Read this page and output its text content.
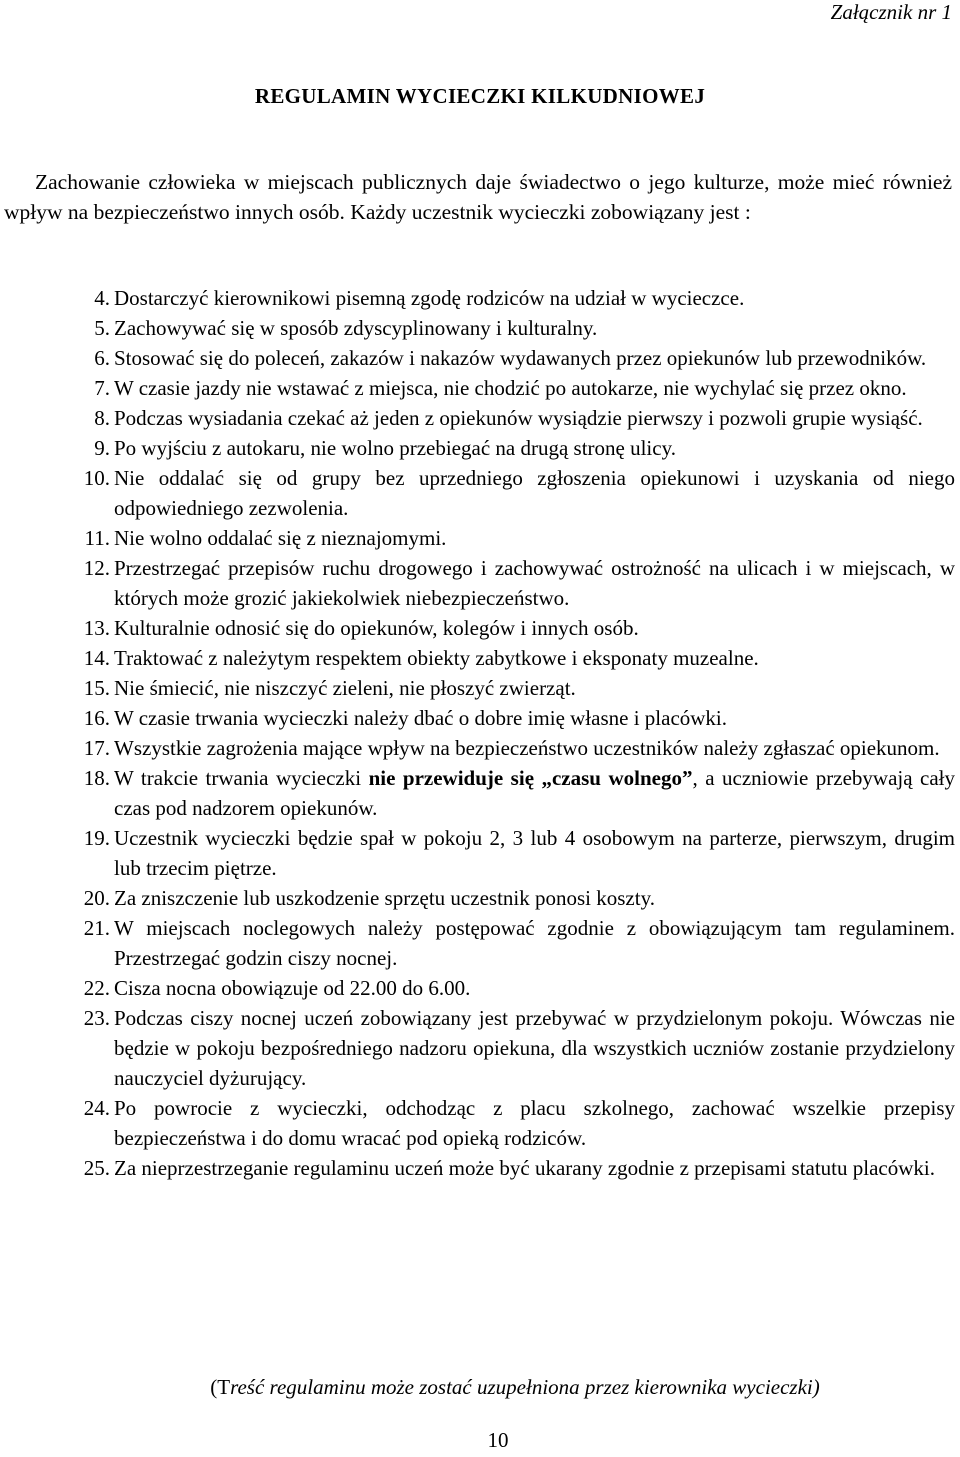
Załącznik nr 1
REGULAMIN WYCIECZKI KILKUDNIOWEJ

Zachowanie człowieka w miejscach publicznych daje świadectwo o jego kulturze, może mieć również wpływ na bezpieczeństwo innych osób. Każdy uczestnik wycieczki zobowiązany jest :

4. Dostarczyć kierownikowi pisemną zgodę rodziców na udział w wycieczce.
5. Zachowywać się w sposób zdyscyplinowany i kulturalny.
6. Stosować się do poleceń, zakazów i nakazów wydawanych przez opiekunów lub przewodników.
7. W czasie jazdy nie wstawać z miejsca, nie chodzić po autokarze, nie wychylać się przez okno.
8. Podczas wysiadania czekać aż jeden z opiekunów wysiądzie pierwszy i pozwoli grupie wysiąść.
9. Po wyjściu z autokaru, nie wolno przebiegać na drugą stronę ulicy.
10. Nie oddalać się od grupy bez uprzedniego zgłoszenia opiekunowi i uzyskania od niego odpowiedniego zezwolenia.
11. Nie wolno oddalać się z nieznajomymi.
12. Przestrzegać przepisów ruchu drogowego i zachowywać ostrożność na ulicach i w miejscach, w których może grozić jakiekolwiek niebezpieczeństwo.
13. Kulturalnie odnosić się do opiekunów, kolegów i innych osób.
14. Traktować z należytym respektem obiekty zabytkowe i eksponaty muzealne.
15. Nie śmiecić, nie niszczyć zieleni, nie płoszyć zwierząt.
16. W czasie trwania wycieczki należy dbać o dobre imię własne i placówki.
17. Wszystkie zagrożenia mające wpływ na bezpieczeństwo uczestników należy zgłaszać opiekunom.
18. W trakcie trwania wycieczki nie przewiduje się „czasu wolnego”, a uczniowie przebywają cały czas pod nadzorem opiekunów.
19. Uczestnik wycieczki będzie spał w pokoju 2, 3 lub 4 osobowym na parterze, pierwszym, drugim lub trzecim piętrze.
20. Za zniszczenie lub uszkodzenie sprzętu uczestnik ponosi koszty.
21. W miejscach noclegowych należy postępować zgodnie z obowiązującym tam regulaminem. Przestrzegać godzin ciszy nocnej.
22. Cisza nocna obowiązuje od 22.00 do 6.00.
23. Podczas ciszy nocnej uczeń zobowiązany jest przebywać w przydzielonym pokoju. Wówczas nie będzie w pokoju bezpośredniego nadzoru opiekuna, dla wszystkich uczniów zostanie przydzielony nauczyciel dyżurujący.
24. Po powrocie z wycieczki, odchodząc z placu szkolnego, zachować wszelkie przepisy bezpieczeństwa i do domu wracać pod opieką rodziców.
25. Za nieprzestrzeganie regulaminu uczeń może być ukarany zgodnie z przepisami statutu placówki.
(Treść regulaminu może zostać uzupełniona przez kierownika wycieczki)
10
